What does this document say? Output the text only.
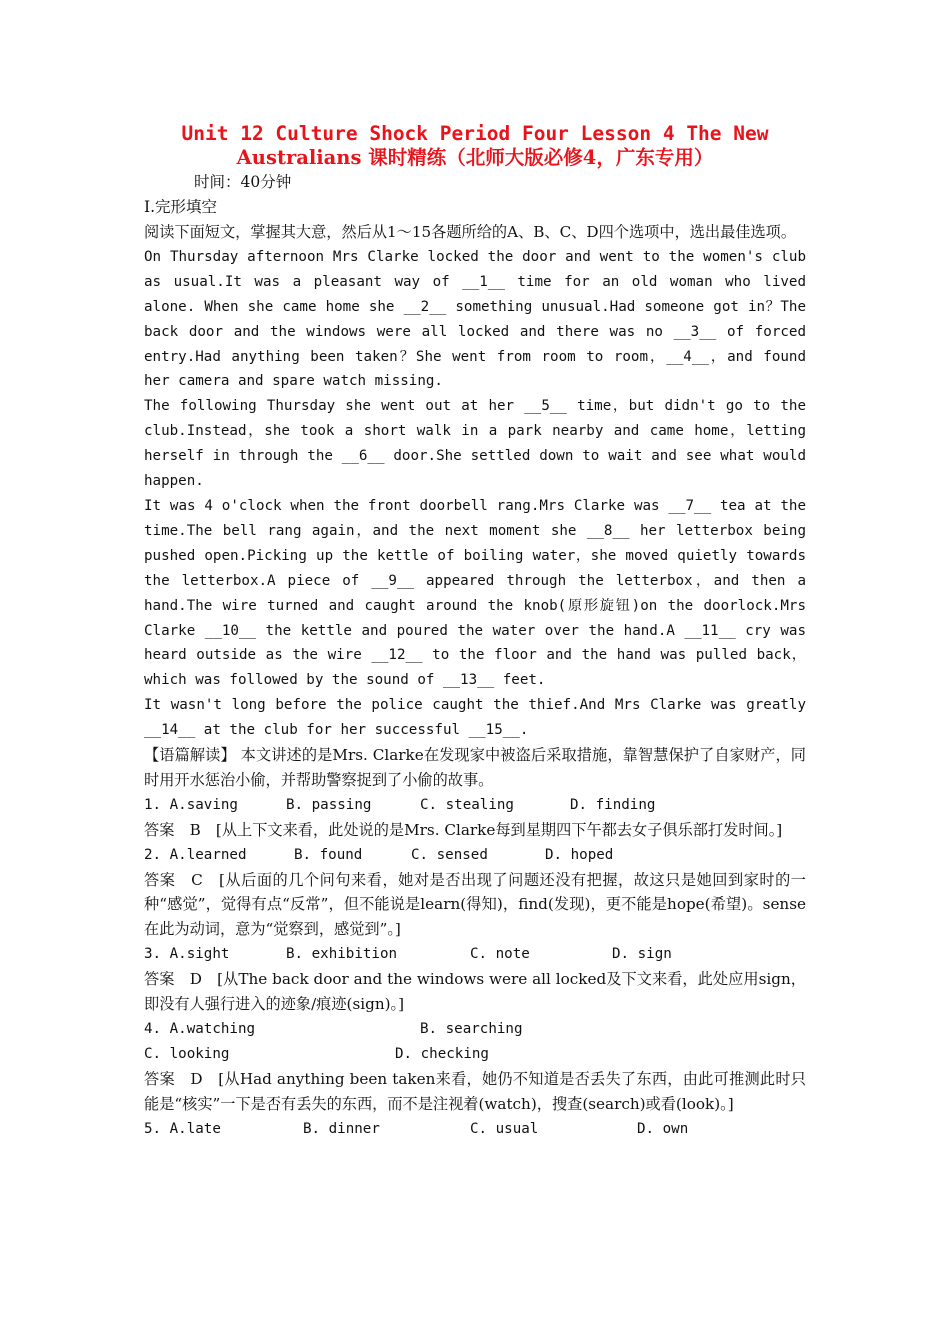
Unit 12 Culture Shock Period Four Lesson 4 The New
Australians 课时精练（北师大版必修4，广东专用）

时间：40分钟
I.完形填空

阅读下面短文，掌握其大意，然后从1～15各题所给的A、B、C、D四个选项中，选出最佳选项。

On Thursday afternoon Mrs Clarke locked the door and went to the women's club as usual.It was a pleasant way of __1__ time for an old woman who lived alone. When she came home she __2__ something unusual.Had someone got in？The back door and the windows were all locked and there was no __3__ of forced entry.Had anything been taken？She went from room to room，__4__，and found her camera and spare watch missing.

The following Thursday she went out at her __5__ time，but didn't go to the club.Instead，she took a short walk in a park nearby and came home，letting herself in through the __6__ door.She settled down to wait and see what would happen.

It was 4 o'clock when the front doorbell rang.Mrs Clarke was __7__ tea at the time.The bell rang again，and the next moment she __8__ her letterbox being pushed open.Picking up the kettle of boiling water，she moved quietly towards the letterbox.A piece of __9__ appeared through the letterbox，and then a hand.The wire turned and caught around the knob(原形旋钮)on the doorlock.Mrs Clarke __10__ the kettle and poured the water over the hand.A __11__ cry was heard outside as the wire __12__ to the floor and the hand was pulled back，which was followed by the sound of __13__ feet.

It wasn't long before the police caught the thief.And Mrs Clarke was greatly __14__ at the club for her successful __15__.

【语篇解读】 本文讲述的是Mrs. Clarke在发现家中被盗后采取措施，靠智慧保护了自家财产，同时用开水惩治小偷，并帮助警察捉到了小偷的故事。

1. A.saving	B. passing	C. stealing	D. finding

答案　B　[从上下文来看，此处说的是Mrs. Clarke每到星期四下午都去女子俱乐部打发时间。]

2. A.learned	B. found	C. sensed	D. hoped

答案　C　[从后面的几个问句来看，她对是否出现了问题还没有把握，故这只是她回到家时的一种“感觉”，觉得有点“反常”，但不能说是learn(得知)，find(发现)，更不能是hope(希望)。sense在此为动词，意为“觉察到，感觉到”。]

3. A.sight	B. exhibition	C. note	D. sign

答案　D　[从The back door and the windows were all locked及下文来看，此处应用sign，即没有人强行进入的迹象/痕迹(sign)。]

4. A.watching	B. searching
C. looking	D. checking

答案　D　[从Had anything been taken来看，她仍不知道是否丢失了东西，由此可推测此时只能是“核实”一下是否有丢失的东西，而不是注视着(watch)，搜查(search)或看(look)。]

5. A.late	B. dinner	C. usual	D. own
